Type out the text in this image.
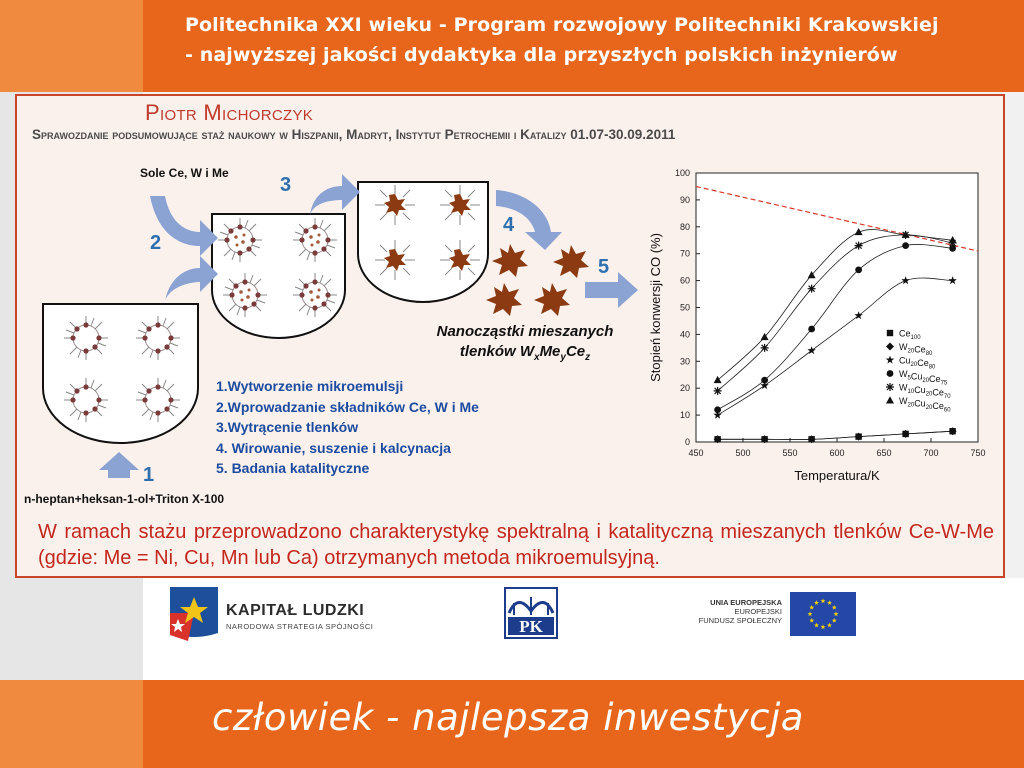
Politechnika XXI wieku - Program rozwojowy Politechniki Krakowskiej
- najwyższej jakości dydaktyka dla przyszłych polskich inżynierów
Piotr Michorczyk
Sprawozdanie podsumowujące staż naukowy w Hiszpanii, Madryt, Instytut Petrochemii i Katalizy 01.07-30.09.2011
Sole Ce, W i Me
n-heptan+heksan-1-ol+Triton X-100
1
2
3
4
5
Nanocząstki mieszanych
tlenków $W_xMe_yCe_z$
1.Wytworzenie mikroemulsji
2.Wprowadzanie składników Ce, W i Me
3.Wytrącenie tlenków
4. Wirowanie, suszenie i kalcynacja
5. Badania katalityczne
450	500	550	600	650	700	750
0
10
20
30
40
50
60
70
80
90
100
Temperatura/K
Stopień konwersji CO (%)	$Ce_{100}$
$W_{20}Ce_{80}$
$Cu_{20}Ce_{80}$
$W_5Cu_{20}Ce_{75}$
$W_{10}Cu_{20}Ce_{70}$
$W_{20}Cu_{20}Ce_{60}$
W ramach stażu przeprowadzono charakterystykę spektralną i katalityczną mieszanych tlenków Ce-W-Me (gdzie: Me = Ni, Cu, Mn lub Ca) otrzymanych metoda mikroemulsyjną.
KAPITAŁ LUDZKI
NARODOWA STRATEGIA SPÓJNOŚCI	PK
UNIA EUROPEJSKA
EUROPEJSKI
FUNDUSZ SPOŁECZNY
człowiek - najlepsza inwestycja
